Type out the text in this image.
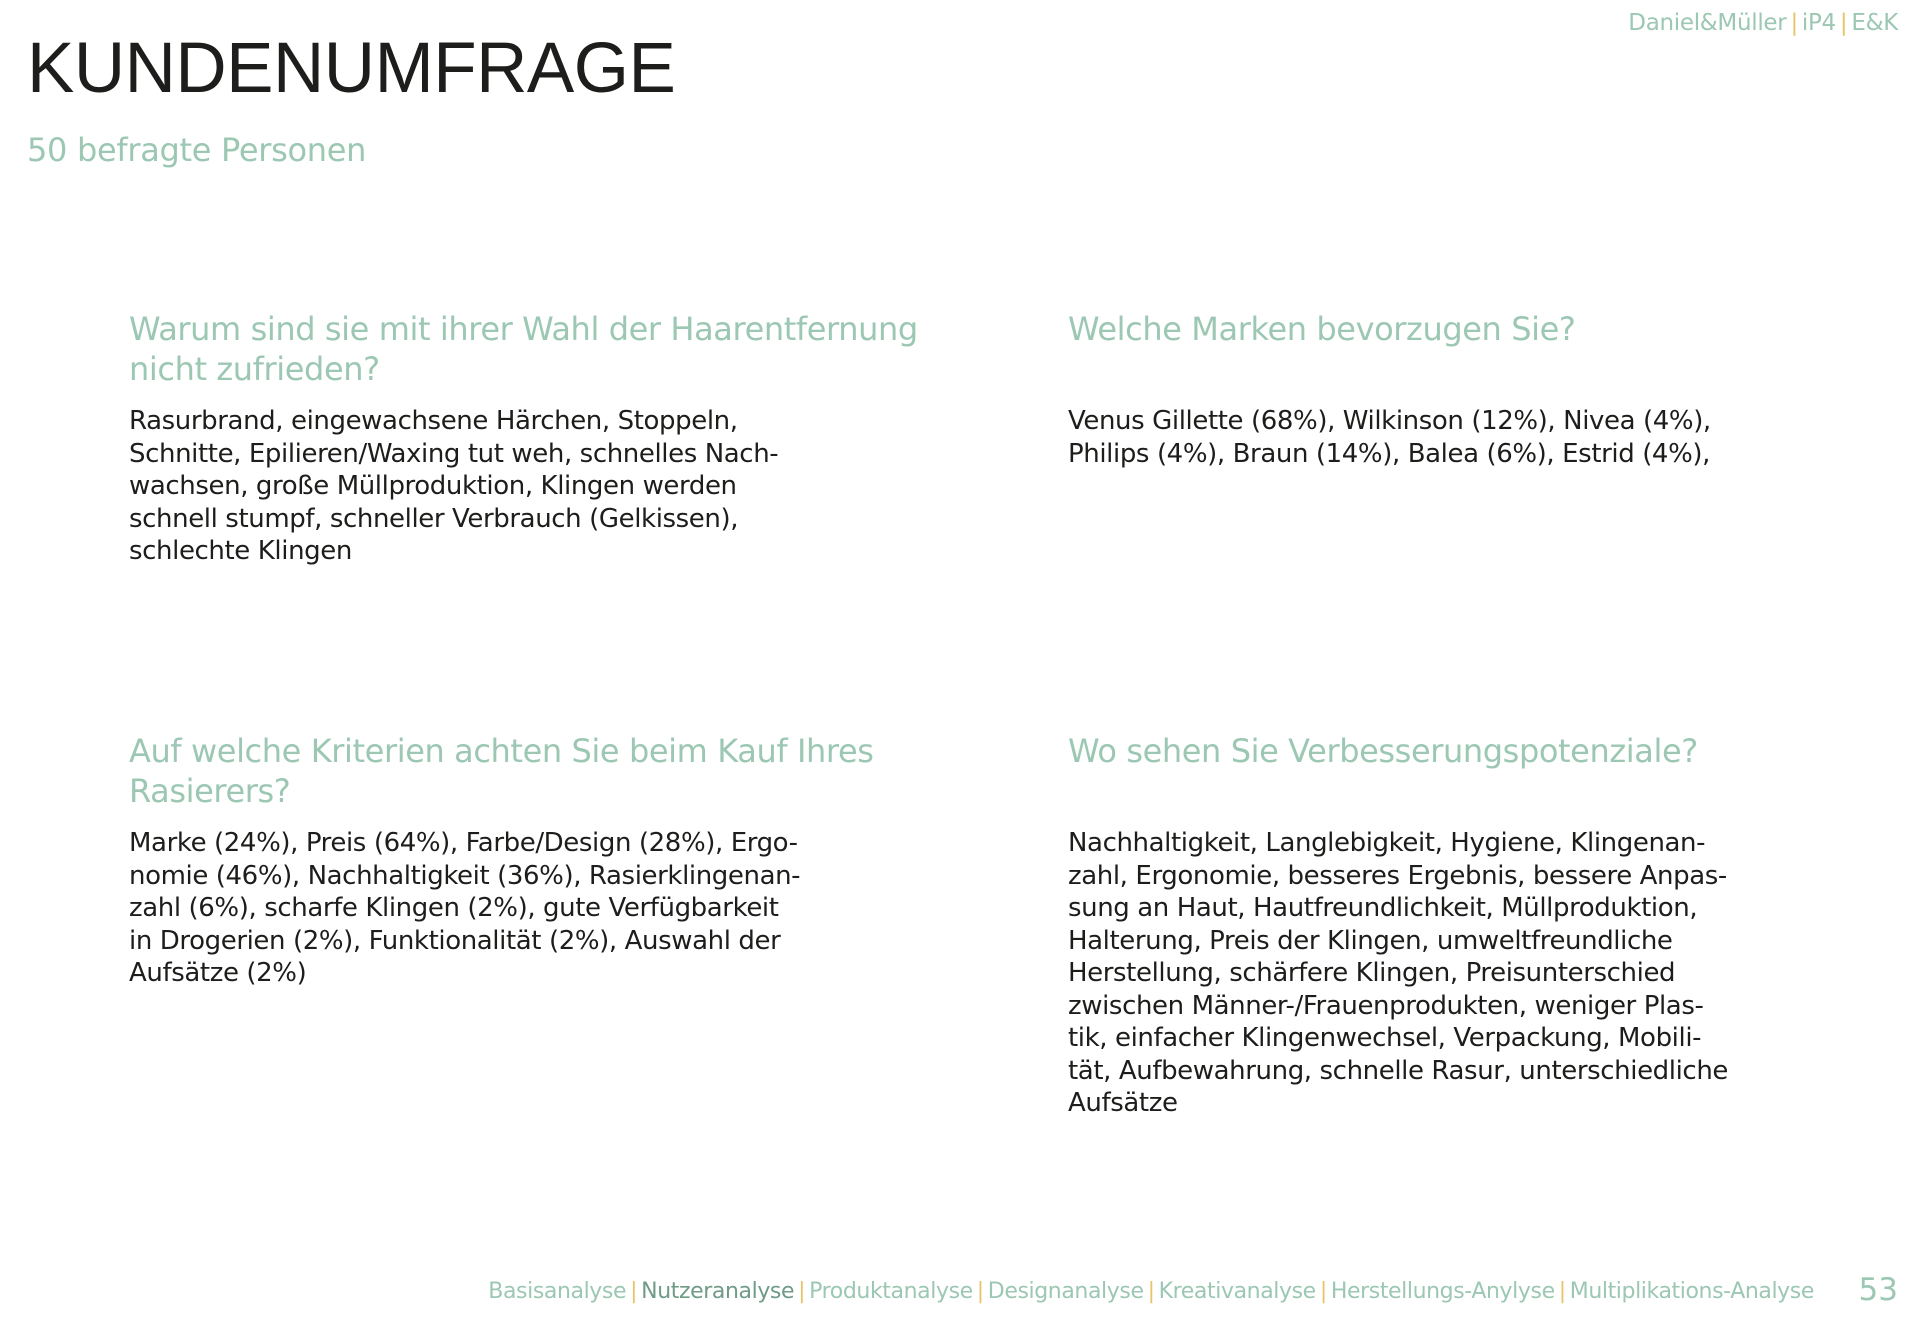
Daniel&Müller | iP4 | E&K
KUNDENUMFRAGE
50 befragte Personen
Warum sind sie mit ihrer Wahl der Haarentfernung nicht zufrieden?

Rasurbrand, eingewachsene Härchen, Stoppeln,
Schnitte, Epilieren/Waxing tut weh, schnelles Nach-
wachsen, große Müllproduktion, Klingen werden
schnell stumpf, schneller Verbrauch (Gelkissen),
schlechte Klingen

Welche Marken bevorzugen Sie?

Venus Gillette (68%), Wilkinson (12%), Nivea (4%),
Philips (4%), Braun (14%), Balea (6%), Estrid (4%),

Auf welche Kriterien achten Sie beim Kauf Ihres Rasierers?

Marke (24%), Preis (64%), Farbe/Design (28%), Ergo-
nomie (46%), Nachhaltigkeit (36%), Rasierklingenan-
zahl (6%), scharfe Klingen (2%), gute Verfügbarkeit
in Drogerien (2%), Funktionalität (2%), Auswahl der
Aufsätze (2%)

Wo sehen Sie Verbesserungspotenziale?

Nachhaltigkeit, Langlebigkeit, Hygiene, Klingenan-
zahl, Ergonomie, besseres Ergebnis, bessere Anpas-
sung an Haut, Hautfreundlichkeit, Müllproduktion,
Halterung, Preis der Klingen, umweltfreundliche
Herstellung, schärfere Klingen, Preisunterschied
zwischen Männer-/Frauenprodukten, weniger Plas-
tik, einfacher Klingenwechsel, Verpackung, Mobili-
tät, Aufbewahrung, schnelle Rasur, unterschiedliche
Aufsätze

Basisanalyse | Nutzeranalyse | Produktanalyse | Designanalyse | Kreativanalyse | Herstellungs-Anylyse | Multiplikations-Analyse 53
